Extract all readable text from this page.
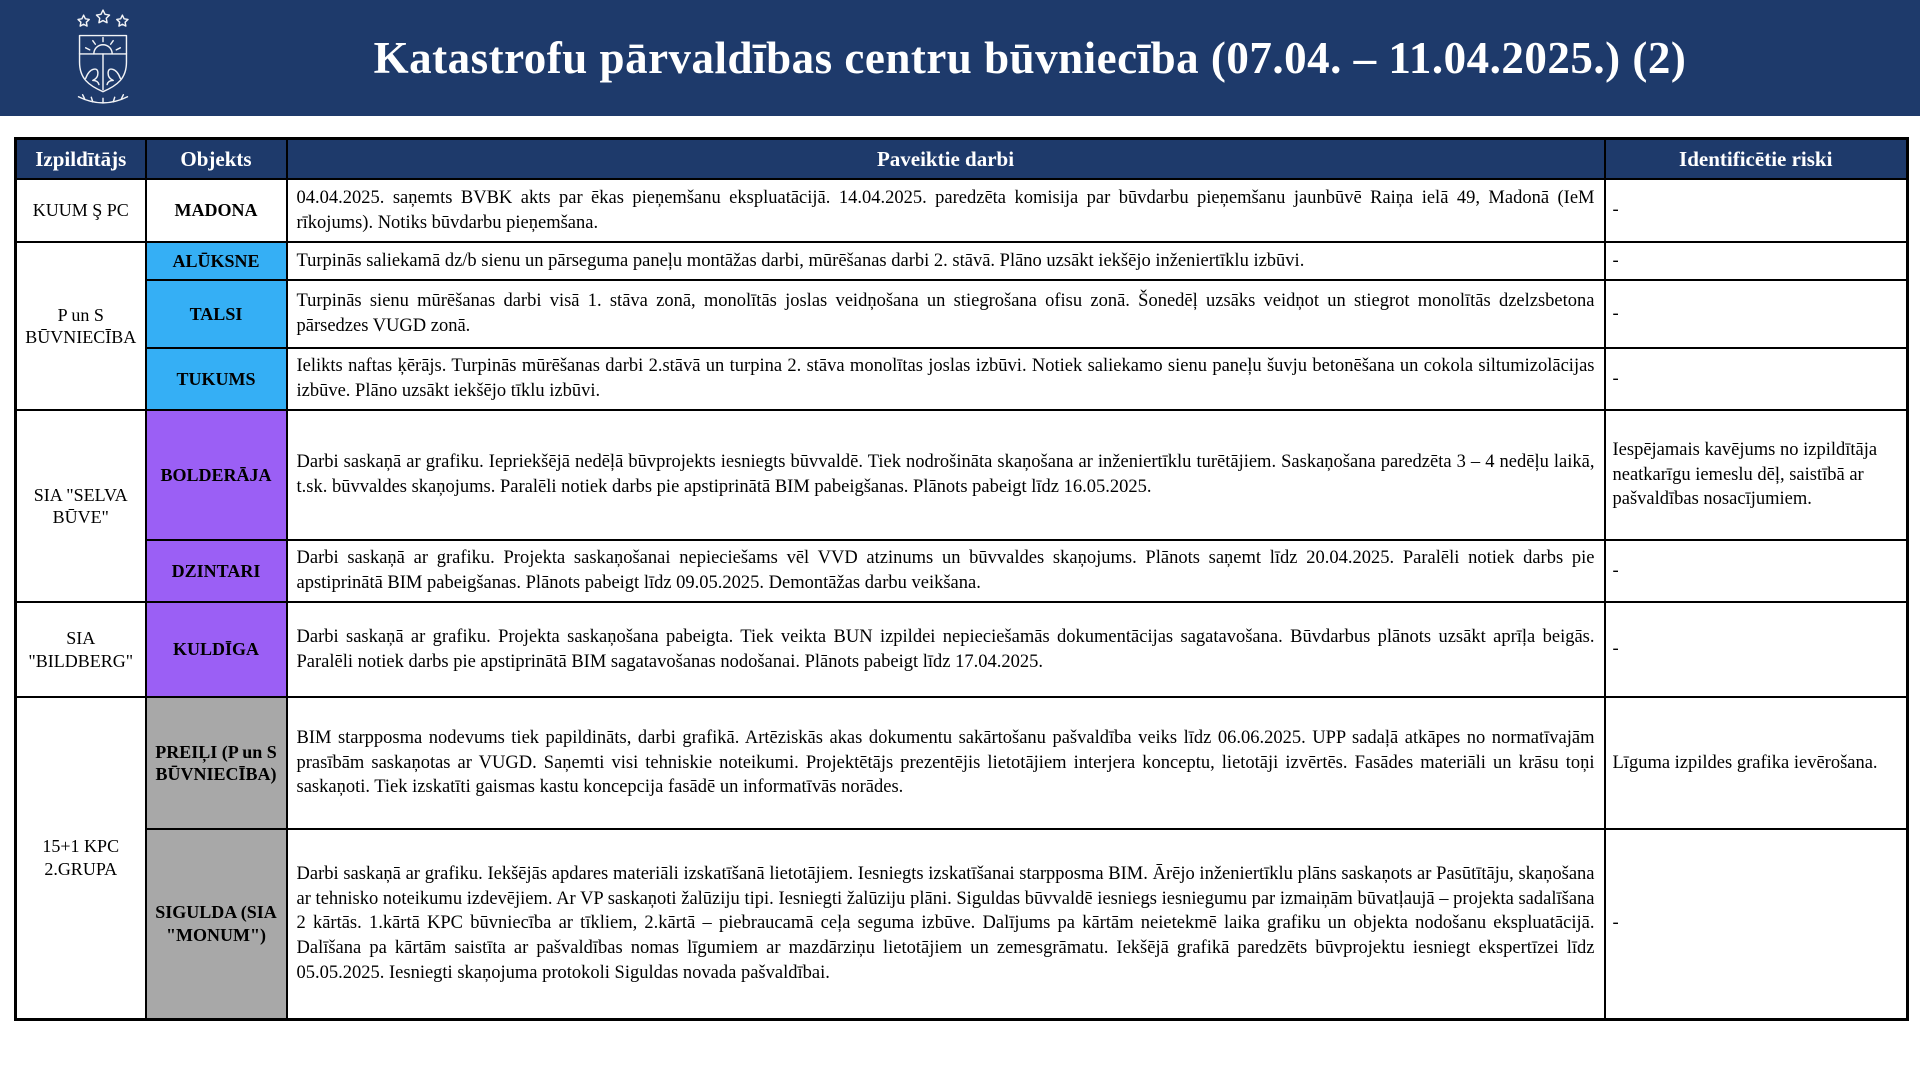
Katastrofu pārvaldības centru būvniecība (07.04. – 11.04.2025.) (2)
Izpildītājs	Objekts	Paveiktie darbi	Identificētie riski
KUUM Ş PC	MADONA	04.04.2025. saņemts BVBK akts par ēkas pieņemšanu ekspluatācijā. 14.04.2025. paredzēta komisija par būvdarbu pieņemšanu jaunbūvē Raiņa ielā 49, Madonā (IeM rīkojums). Notiks būvdarbu pieņemšana.	-
P un S BŪVNIECĪBA	ALŪKSNE	Turpinās saliekamā dz/b sienu un pārseguma paneļu montāžas darbi, mūrēšanas darbi 2. stāvā. Plāno uzsākt iekšējo inženiertīklu izbūvi.	-
	TALSI	Turpinās sienu mūrēšanas darbi visā 1. stāva zonā, monolītās joslas veidņošana un stiegrošana ofisu zonā. Šonedēļ uzsāks veidņot un stiegrot monolītās dzelzsbetona pārsedzes VUGD zonā.	-
	TUKUMS	Ielikts naftas ķērājs. Turpinās mūrēšanas darbi 2.stāvā un turpina 2. stāva monolītas joslas izbūvi. Notiek saliekamo sienu paneļu šuvju betonēšana un cokola siltumizolācijas izbūve. Plāno uzsākt iekšējo tīklu izbūvi.	-
SIA "SELVA BŪVE"	BOLDERĀJA	Darbi saskaņā ar grafiku. Iepriekšējā nedēļā būvprojekts iesniegts būvvaldē. Tiek nodrošināta skaņošana ar inženiertīklu turētājiem. Saskaņošana paredzēta 3 – 4 nedēļu laikā, t.sk. būvvaldes skaņojums. Paralēli notiek darbs pie apstiprinātā BIM pabeigšanas. Plānots pabeigt līdz 16.05.2025.	Iespējamais kavējums no izpildītāja neatkarīgu iemeslu dēļ, saistībā ar pašvaldības nosacījumiem.
	DZINTARI	Darbi saskaņā ar grafiku. Projekta saskaņošanai nepieciešams vēl VVD atzinums un būvvaldes skaņojums. Plānots saņemt līdz 20.04.2025. Paralēli notiek darbs pie apstiprinātā BIM pabeigšanas. Plānots pabeigt līdz 09.05.2025. Demontāžas darbu veikšana.	-
SIA "BILDBERG"	KULDĪGA	Darbi saskaņā ar grafiku. Projekta saskaņošana pabeigta. Tiek veikta BUN izpildei nepieciešamās dokumentācijas sagatavošana. Būvdarbus plānots uzsākt aprīļa beigās. Paralēli notiek darbs pie apstiprinātā BIM sagatavošanas nodošanai. Plānots pabeigt līdz 17.04.2025.	-
15+1 KPC 2.GRUPA	PREIĻI (P un S BŪVNIECĪBA)	BIM starpposma nodevums tiek papildināts, darbi grafikā. Artēziskās akas dokumentu sakārtošanu pašvaldība veiks līdz 06.06.2025. UPP sadaļā atkāpes no normatīvajām prasībām saskaņotas ar VUGD. Saņemti visi tehniskie noteikumi. Projektētājs prezentējis lietotājiem interjera konceptu, lietotāji izvērtēs. Fasādes materiāli un krāsu toņi saskaņoti. Tiek izskatīti gaismas kastu koncepcija fasādē un informatīvās norādes.	Līguma izpildes grafika ievērošana.
	SIGULDA (SIA "MONUM")	Darbi saskaņā ar grafiku. Iekšējās apdares materiāli izskatīšanā lietotājiem. Iesniegts izskatīšanai starpposma BIM. Ārējo inženiertīklu plāns saskaņots ar Pasūtītāju, skaņošana ar tehnisko noteikumu izdevējiem. Ar VP saskaņoti žalūziju tipi. Iesniegti žalūziju plāni. Siguldas būvvaldē iesniegs iesniegumu par izmaiņām būvatļaujā – projekta sadalīšana 2 kārtās. 1.kārtā KPC būvniecība ar tīkliem, 2.kārtā – piebraucamā ceļa seguma izbūve. Dalījums pa kārtām neietekmē laika grafiku un objekta nodošanu ekspluatācijā. Dalīšana pa kārtām saistīta ar pašvaldības nomas līgumiem ar mazdārziņu lietotājiem un zemesgrāmatu. Iekšējā grafikā paredzēts būvprojektu iesniegt ekspertīzei līdz 05.05.2025. Iesniegti skaņojuma protokoli Siguldas novada pašvaldībai.	-
